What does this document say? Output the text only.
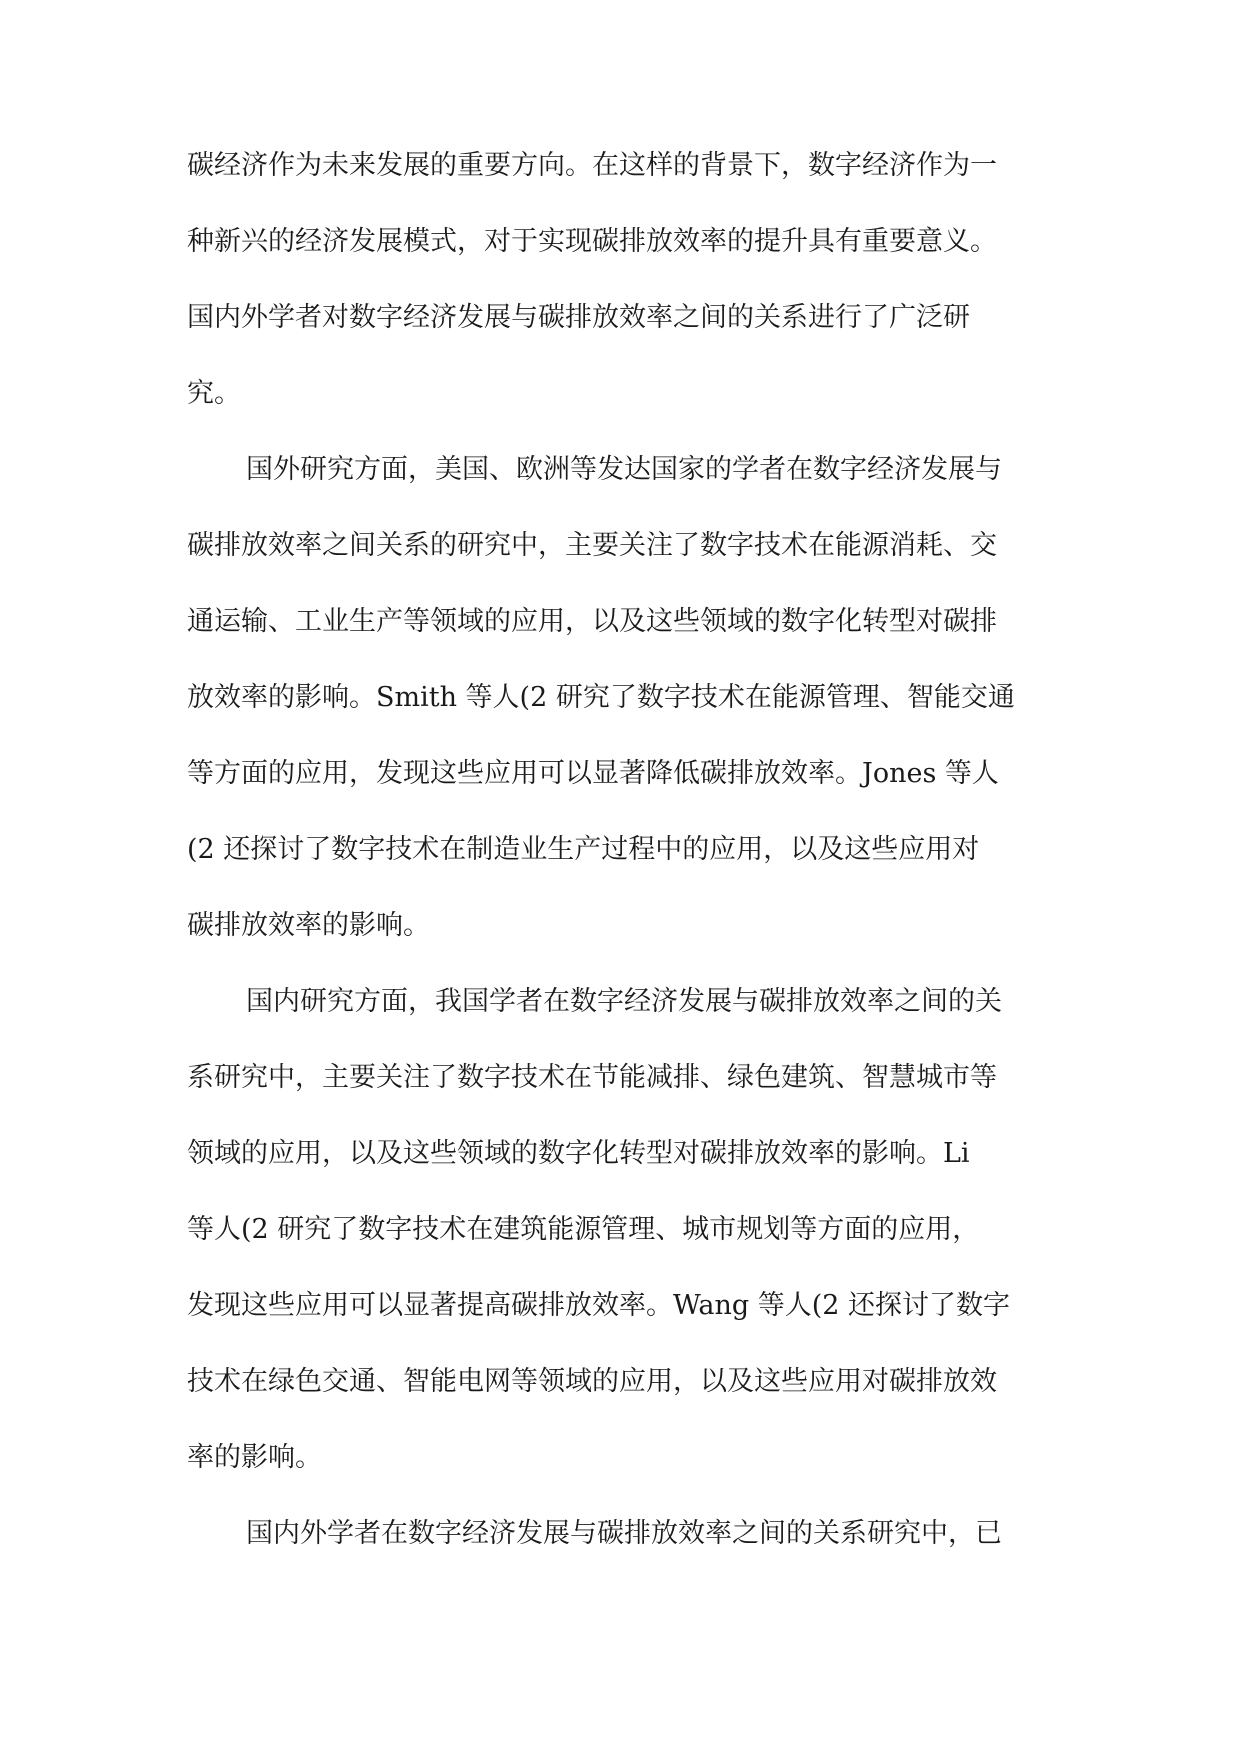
碳经济作为未来发展的重要方向。在这样的背景下，数字经济作为一
种新兴的经济发展模式，对于实现碳排放效率的提升具有重要意义。
国内外学者对数字经济发展与碳排放效率之间的关系进行了广泛研
究。
国外研究方面，美国、欧洲等发达国家的学者在数字经济发展与
碳排放效率之间关系的研究中，主要关注了数字技术在能源消耗、交
通运输、工业生产等领域的应用，以及这些领域的数字化转型对碳排
放效率的影响。Smith 等人(2 研究了数字技术在能源管理、智能交通
等方面的应用，发现这些应用可以显著降低碳排放效率。Jones 等人
(2 还探讨了数字技术在制造业生产过程中的应用，以及这些应用对
碳排放效率的影响。
国内研究方面，我国学者在数字经济发展与碳排放效率之间的关
系研究中，主要关注了数字技术在节能减排、绿色建筑、智慧城市等
领域的应用，以及这些领域的数字化转型对碳排放效率的影响。Li
等人(2 研究了数字技术在建筑能源管理、城市规划等方面的应用，
发现这些应用可以显著提高碳排放效率。Wang 等人(2 还探讨了数字
技术在绿色交通、智能电网等领域的应用，以及这些应用对碳排放效
率的影响。
国内外学者在数字经济发展与碳排放效率之间的关系研究中，已
